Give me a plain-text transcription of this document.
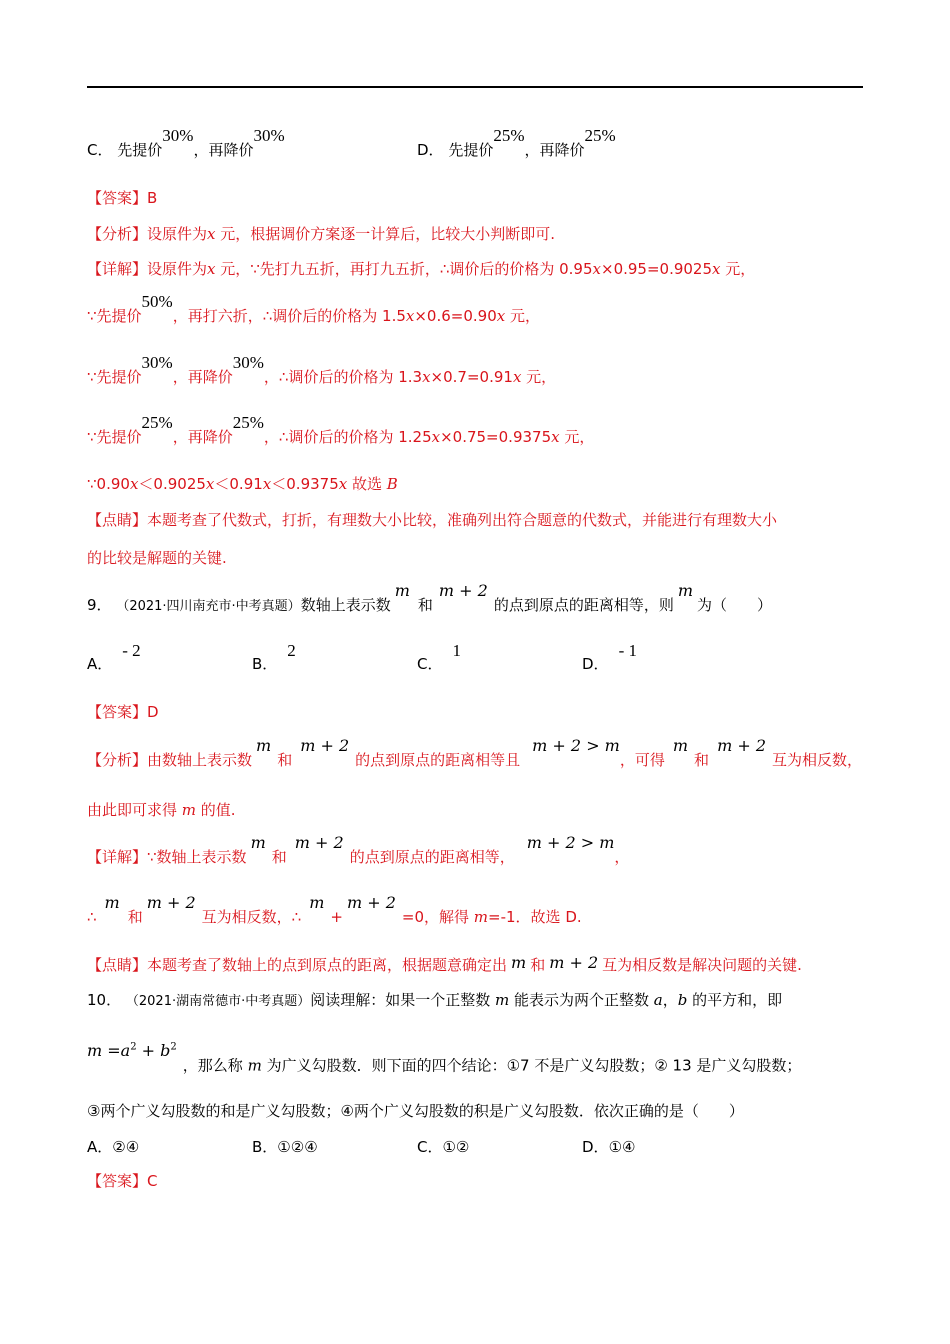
C． 先提价30%，再降价30%
D． 先提价25%，再降价25%
【答案】B
【分析】设原件为x 元，根据调价方案逐一计算后，比较大小判断即可.
【详解】设原件为x 元，∵先打九五折，再打九五折，∴调价后的价格为 0.95x×0.95=0.9025x 元，
∵先提价50%，再打六折，∴调价后的价格为 1.5x×0.6=0.90x 元，
∵先提价30%，再降价30%，∴调价后的价格为 1.3x×0.7=0.91x 元，
∵先提价25%，再降价25%，∴调价后的价格为 1.25x×0.75=0.9375x 元，
∵0.90x＜0.9025x＜0.91x＜0.9375x 故选 B
【点睛】本题考查了代数式，打折，有理数大小比较，准确列出符合题意的代数式，并能进行有理数大小
的比较是解题的关键.
9． （2021·四川南充市·中考真题）数轴上表示数m和m + 2的点到原点的距离相等，则m为（　　）
A．- 2
B．2
C．1
D．- 1
【答案】D
【分析】由数轴上表示数m和m + 2的点到原点的距离相等且m + 2 > m，可得m和m + 2互为相反数，
由此即可求得 m 的值.
【详解】∵数轴上表示数m和m + 2的点到原点的距离相等，m + 2 > m，
∴m和m + 2互为相反数，∴m+m + 2=0，解得 m=-1．故选 D.
【点睛】本题考查了数轴上的点到原点的距离，根据题意确定出 m 和 m + 2 互为相反数是解决问题的关键.
10． （2021·湖南常德市·中考真题）阅读理解：如果一个正整数 m 能表示为两个正整数 a，b 的平方和，即
$m =a^2 + b^2$，那么称 m 为广义勾股数．则下面的四个结论：①7 不是广义勾股数；② 13 是广义勾股数；
③两个广义勾股数的和是广义勾股数；④两个广义勾股数的积是广义勾股数．依次正确的是（　　）
A．②④	B．①②④	C．①②	D．①④
【答案】C
